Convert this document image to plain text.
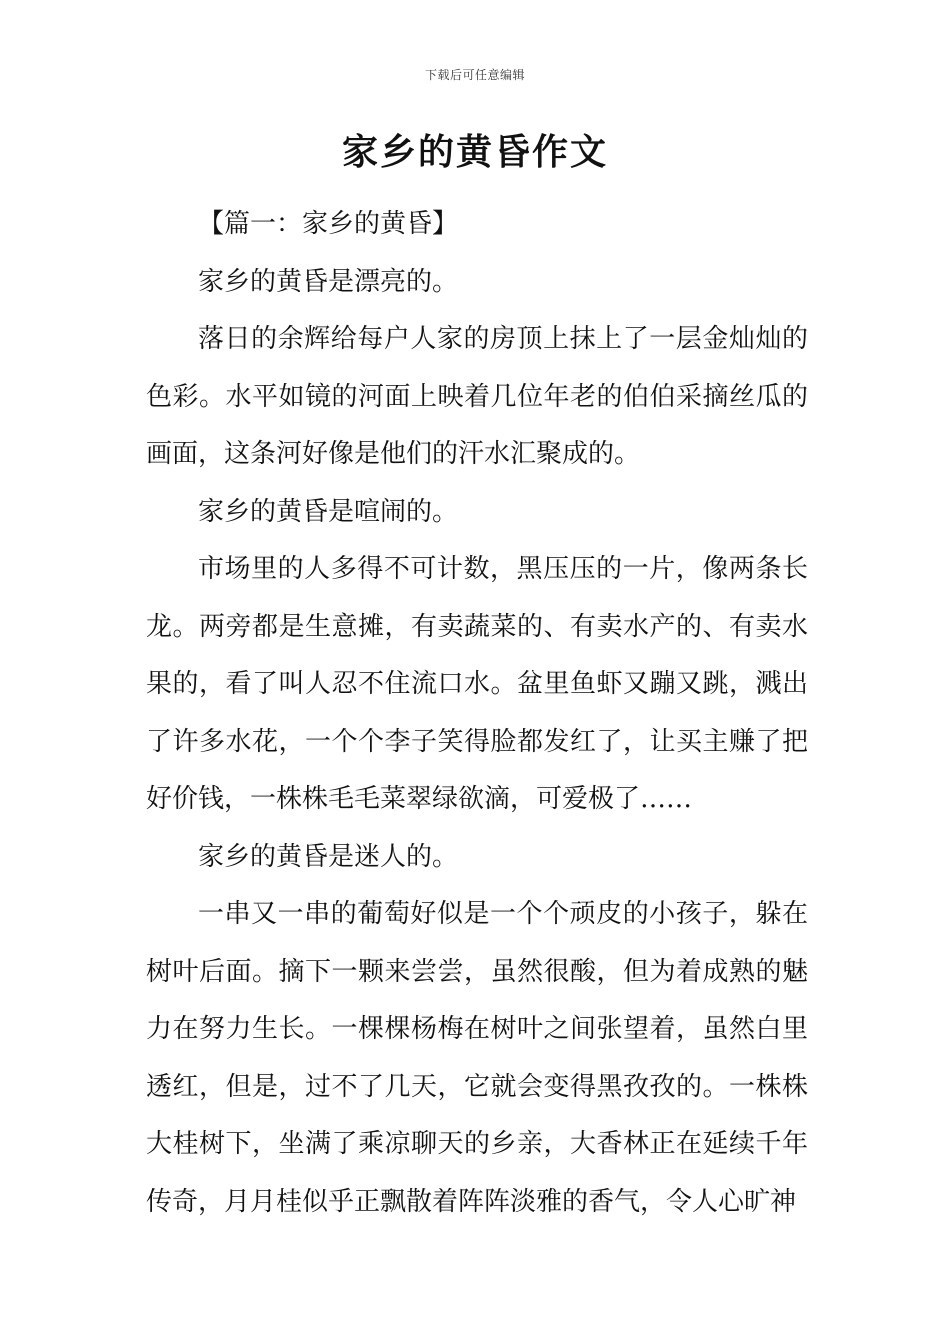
下载后可任意编辑
家乡的黄昏作文

【篇一：家乡的黄昏】

家乡的黄昏是漂亮的。

落日的余辉给每户人家的房顶上抹上了一层金灿灿的色彩。水平如镜的河面上映着几位年老的伯伯采摘丝瓜的画面，这条河好像是他们的汗水汇聚成的。

家乡的黄昏是喧闹的。

市场里的人多得不可计数，黑压压的一片，像两条长龙。两旁都是生意摊，有卖蔬菜的、有卖水产的、有卖水果的，看了叫人忍不住流口水。盆里鱼虾又蹦又跳，溅出了许多水花，一个个李子笑得脸都发红了，让买主赚了把好价钱，一株株毛毛菜翠绿欲滴，可爱极了……

家乡的黄昏是迷人的。

一串又一串的葡萄好似是一个个顽皮的小孩子，躲在树叶后面。摘下一颗来尝尝，虽然很酸，但为着成熟的魅力在努力生长。一棵棵杨梅在树叶之间张望着，虽然白里透红，但是，过不了几天，它就会变得黑孜孜的。一株株大桂树下，坐满了乘凉聊天的乡亲，大香林正在延续千年传奇，月月桂似乎正飘散着阵阵淡雅的香气，令人心旷神
